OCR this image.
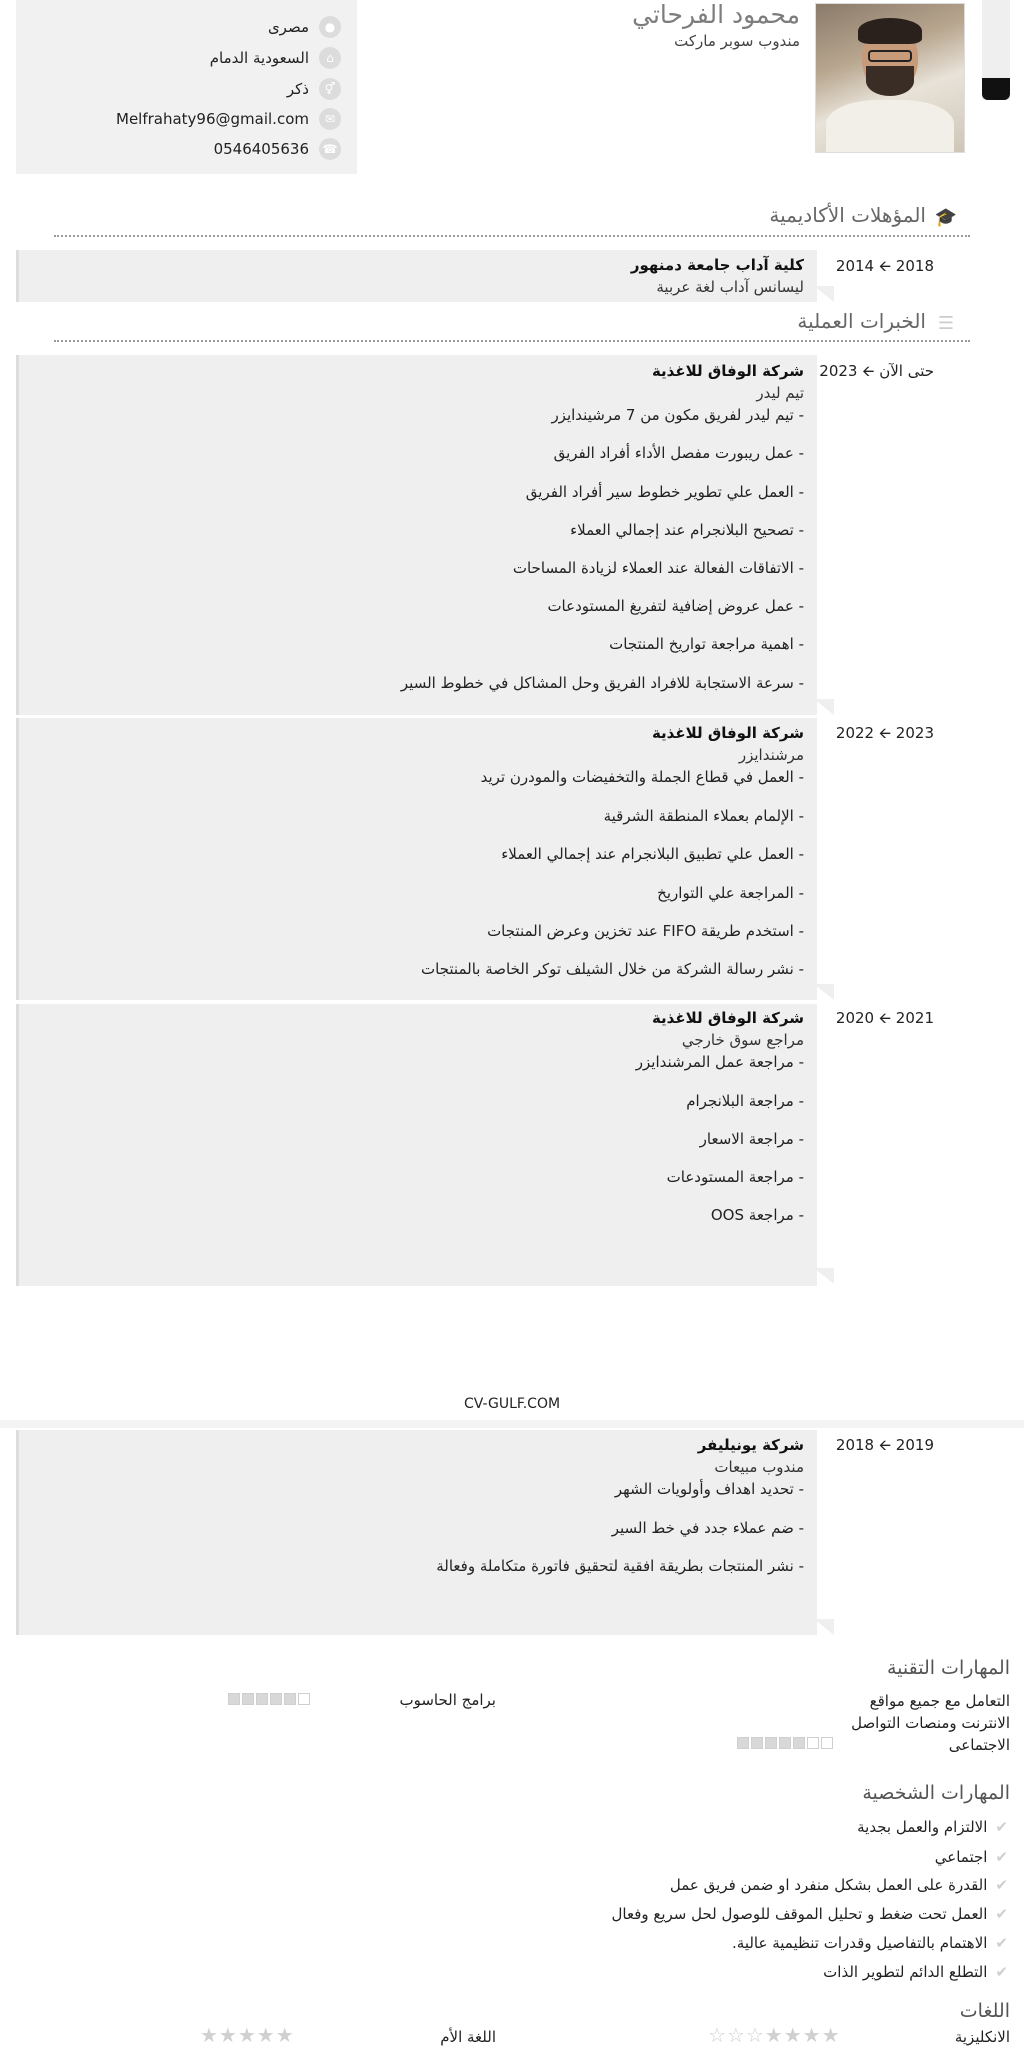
محمود الفرحاتي
مندوب سوبر ماركت
●
مصرى
⌂
السعودية الدمام
⚥
ذكر
✉
Melfrahaty96@gmail.com
☎
0546405636
🎓
المؤهلات الأكاديمية
2014 🡨 2018
كلية آداب جامعة دمنهور
ليسانس آداب لغة عربية
☰
الخبرات العملية
2023 🡨 حتى الآن
شركة الوفاق للاغذية
تيم ليدر
- تيم ليدر لفريق مكون من 7 مرشيندايزر
- عمل ريبورت مفصل الأداء أفراد الفريق
- العمل علي تطوير خطوط سير أفراد الفريق
- تصحيح البلانجرام عند إجمالي العملاء
- الاتفاقات الفعالة عند العملاء لزيادة المساحات
- عمل عروض إضافية لتفريغ المستودعات
- اهمية مراجعة تواريخ المنتجات
- سرعة الاستجابة للافراد الفريق وحل المشاكل في خطوط السير
2022 🡨 2023
شركة الوفاق للاغذية
مرشندايزر
- العمل في قطاع الجملة والتخفيضات والمودرن تريد
- الإلمام بعملاء المنطقة الشرقية
- العمل علي تطبيق البلانجرام عند إجمالي العملاء
- المراجعة علي التواريخ
- استخدم طريقة FIFO عند تخزين وعرض المنتجات
- نشر رسالة الشركة من خلال الشيلف توكر الخاصة بالمنتجات
2020 🡨 2021
شركة الوفاق للاغذية
مراجع سوق خارجي
- مراجعة عمل المرشندايزر
- مراجعة البلانجرام
- مراجعة الاسعار
- مراجعة المستودعات
- مراجعة OOS
CV-GULF.COM
2018 🡨 2019
شركة يونيليفر
مندوب مبيعات
- تحديد اهداف وأولويات الشهر
- ضم عملاء جدد في خط السير
- نشر المنتجات بطريقة افقية لتحقيق فاتورة متكاملة وفعالة
المهارات التقنية
التعامل مع جميع مواقع الانترنت ومنصات التواصل الاجتماعى
برامج الحاسوب
المهارات الشخصية
✔الالتزام والعمل بجدية
✔اجتماعي
✔القدرة على العمل بشكل منفرد او ضمن فريق عمل
✔العمل تحت ضغط و تحليل الموقف للوصول لحل سريع وفعال
✔الاهتمام بالتفاصيل وقدرات تنظيمية عالية.
✔التطلع الدائم لتطوير الذات
اللغات
الانكليزية
★★★★☆☆☆
اللغة الأم
★★★★★
